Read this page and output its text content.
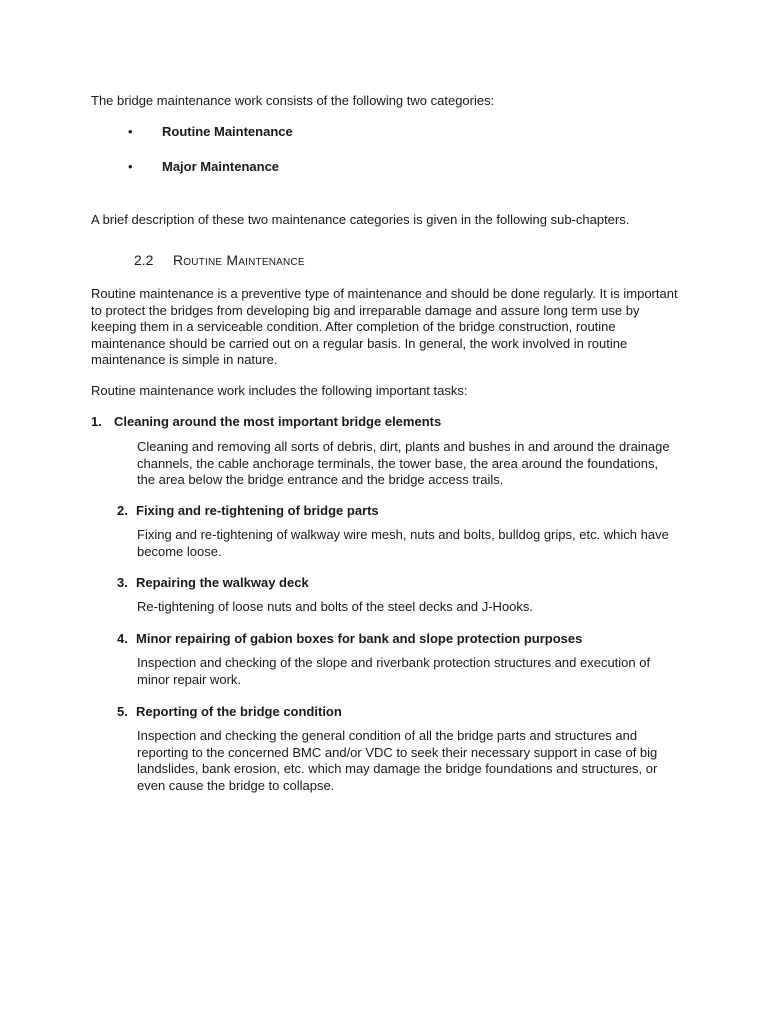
The bridge maintenance work consists of the following two categories:

• Routine Maintenance
• Major Maintenance

A brief description of these two maintenance categories is given in the following sub-chapters.

2.2 Routine Maintenance

Routine maintenance is a preventive type of maintenance and should be done regularly. It is important to protect the bridges from developing big and irreparable damage and assure long term use by keeping them in a serviceable condition. After completion of the bridge construction, routine maintenance should be carried out on a regular basis. In general, the work involved in routine maintenance is simple in nature.

Routine maintenance work includes the following important tasks:

1. Cleaning around the most important bridge elements

Cleaning and removing all sorts of debris, dirt, plants and bushes in and around the drainage channels, the cable anchorage terminals, the tower base, the area around the foundations, the area below the bridge entrance and the bridge access trails.

2. Fixing and re-tightening of bridge parts

Fixing and re-tightening of walkway wire mesh, nuts and bolts, bulldog grips, etc. which have become loose.

3. Repairing the walkway deck

Re-tightening of loose nuts and bolts of the steel decks and J-Hooks.

4. Minor repairing of gabion boxes for bank and slope protection purposes

Inspection and checking of the slope and riverbank protection structures and execution of minor repair work.

5. Reporting of the bridge condition

Inspection and checking the general condition of all the bridge parts and structures and reporting to the concerned BMC and/or VDC to seek their necessary support in case of big landslides, bank erosion, etc. which may damage the bridge foundations and structures, or even cause the bridge to collapse.
